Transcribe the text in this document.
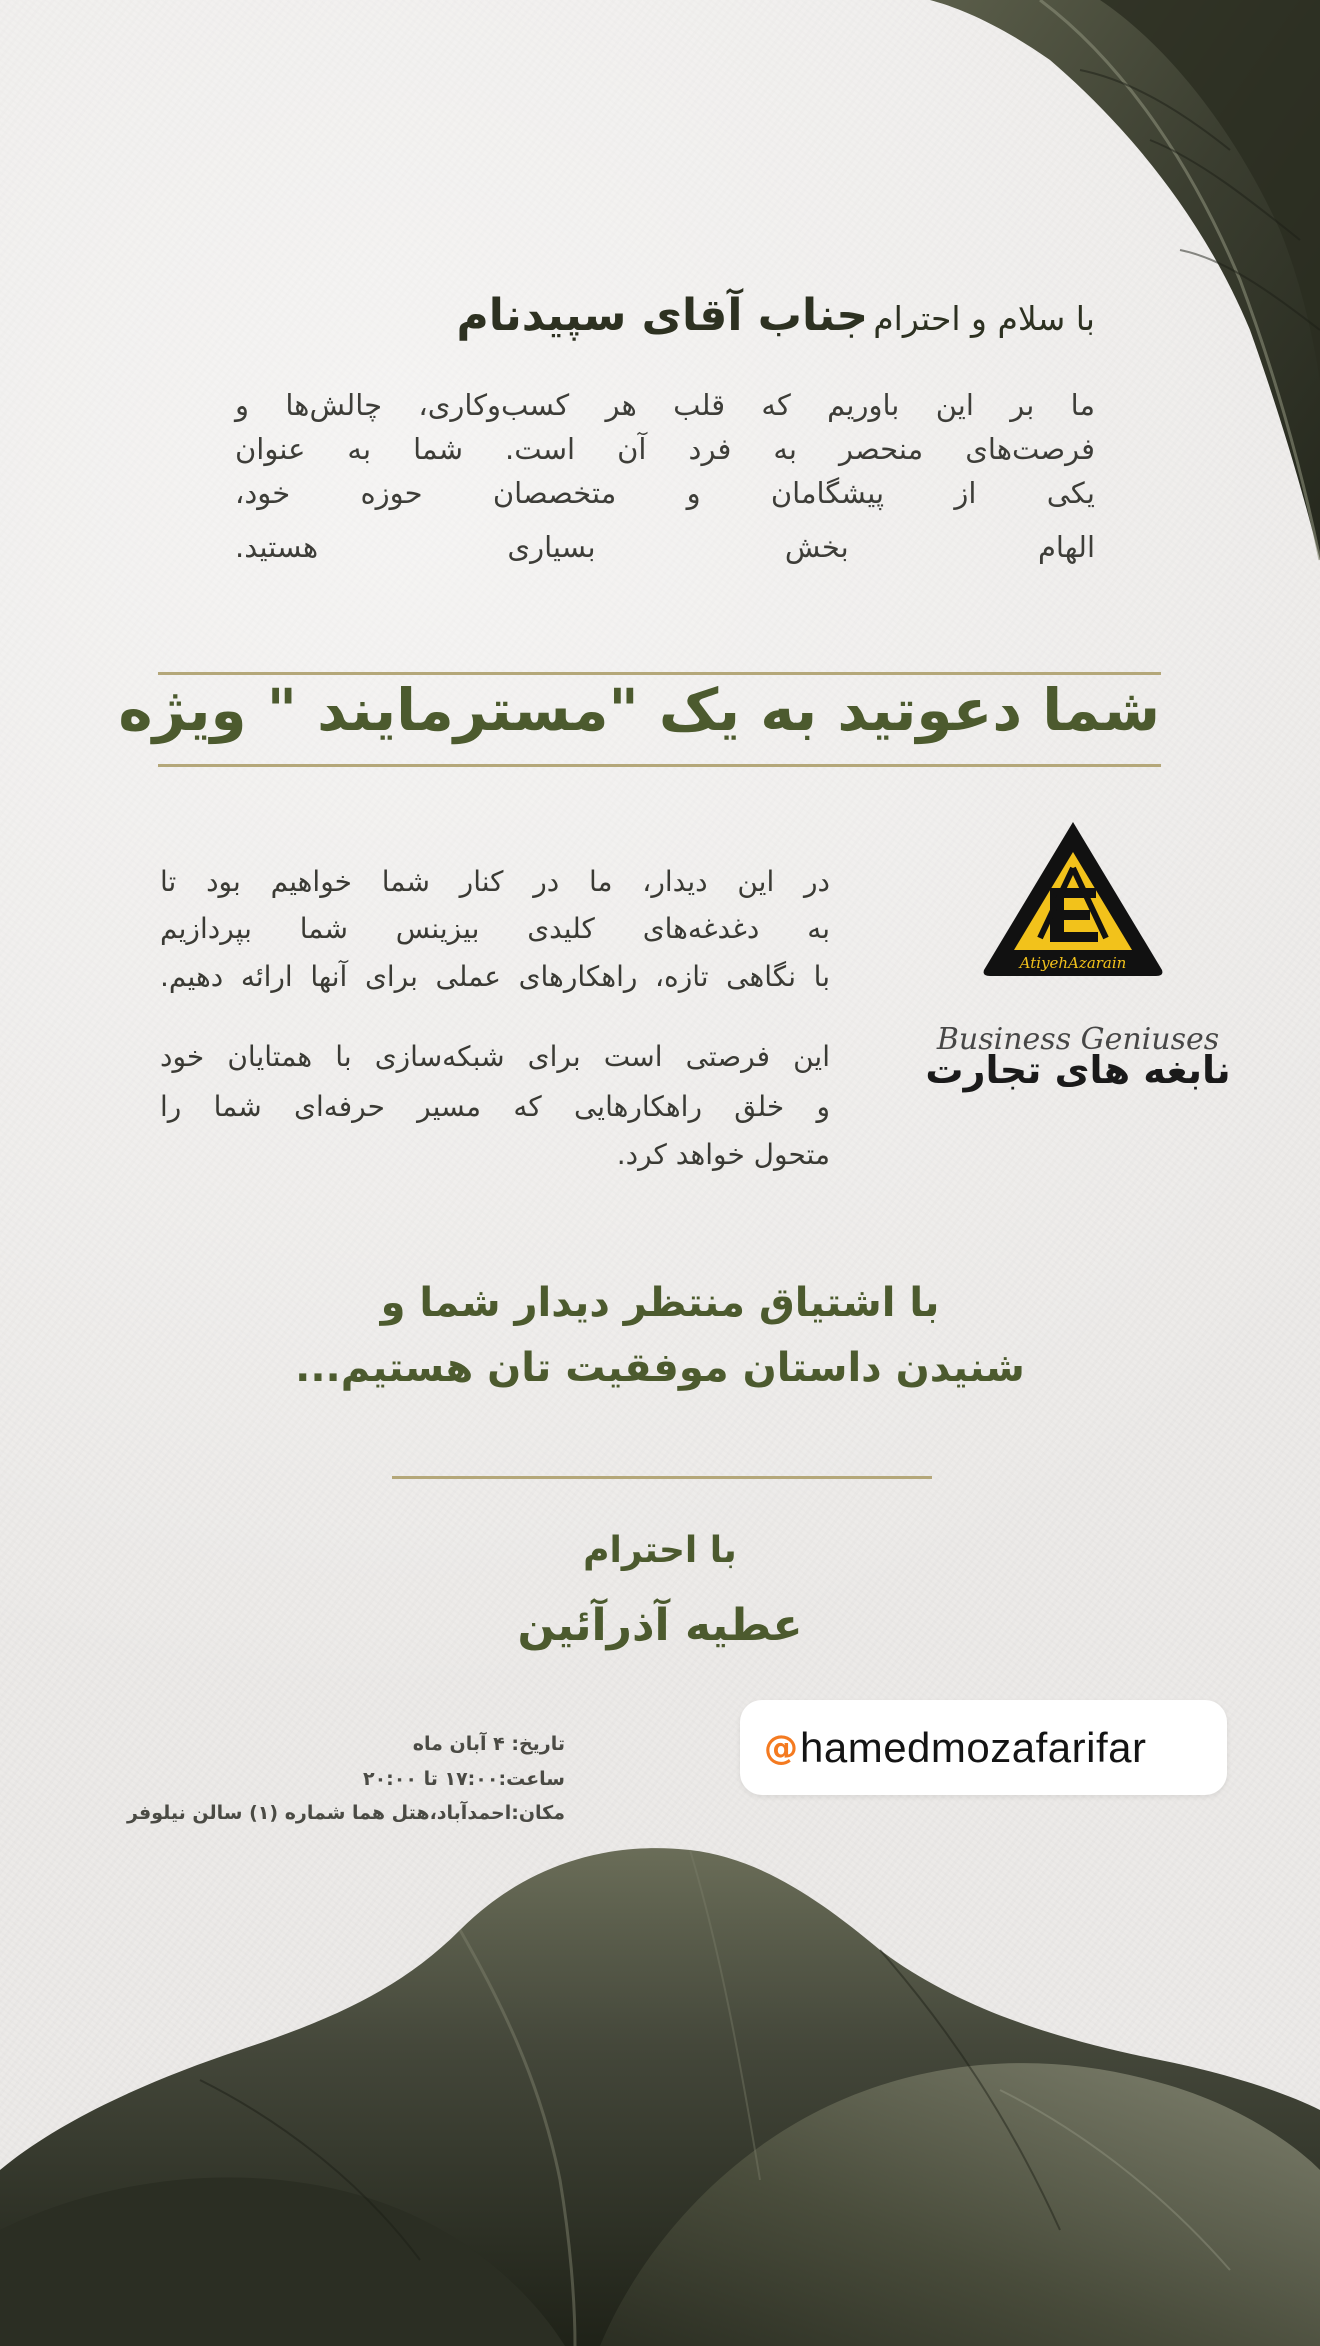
با سلام و احترام جناب آقای سپیدنام
ما بر این باوریم که قلب هر کسب‌وکاری، چالش‌ها و
فرصت‌های منحصر به فرد آن است. شما به عنوان
یکی از پیشگامان و متخصصان حوزه خود،
الهام بخش بسیاری هستید.
شما دعوتید به یک "مسترمایند " ویژه
در این دیدار، ما در کنار شما خواهیم بود تا
به دغدغه‌های کلیدی بیزینس شما بپردازیم
با نگاهی تازه، راهکارهای عملی برای آنها ارائه دهیم.
این فرصتی است برای شبکه‌سازی با همتایان خود
و خلق راهکارهایی که مسیر حرفه‌ای شما را
متحول خواهد کرد.
AtiyehAzarain
Business Geniuses
نابغه های تجارت
با اشتیاق منتظر دیدار شما و
شنیدن داستان موفقیت تان هستیم...
با احترام
عطیه آذرآئین
تاریخ: ۴ آبان ماه
ساعت:۱۷:۰۰ تا ۲۰:۰۰
مکان:احمدآباد،هتل هما شماره (۱) سالن نیلوفر
@ hamedmozafarifar
